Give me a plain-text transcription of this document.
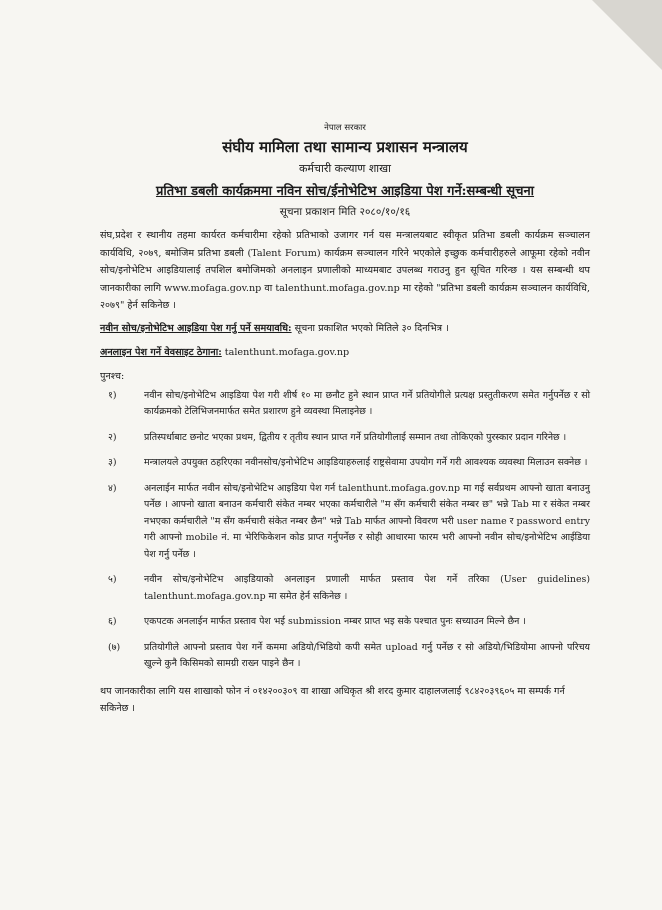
नेपाल सरकार
संघीय मामिला तथा सामान्य प्रशासन मन्त्रालय
कर्मचारी कल्याण शाखा
प्रतिभा डबली कार्यक्रममा नविन सोच/ईनोभेटिभ आइडिया पेश गर्ने:सम्बन्धी सूचना
सूचना प्रकाशन मिति २०८०/१०/१६

संघ,प्रदेश र स्थानीय तहमा कार्यरत कर्मचारीमा रहेको प्रतिभाको उजागर गर्न यस मन्त्रालयबाट स्वीकृत प्रतिभा डबली कार्यक्रम सञ्चालन कार्यविधि, २०७९, बमोजिम प्रतिभा डबली (Talent Forum) कार्यक्रम सञ्चालन गरिने भएकोले इच्छुक कर्मचारीहरुले आफूमा रहेको नवीन सोच/इनोभेटिभ आइडियालाई तपशिल बमोजिमको अनलाइन प्रणालीको माध्यमबाट उपलब्ध गराउनु हुन सूचित गरिन्छ । यस सम्बन्धी थप जानकारीका लागि www.mofaga.gov.np वा talenthunt.mofaga.gov.np मा रहेको "प्रतिभा डबली कार्यक्रम सञ्चालन कार्यविधि, २०७९" हेर्न सकिनेछ ।

नवीन सोच/इनोभेटिभ आइडिया पेश गर्नु पर्ने समयावधि: सूचना प्रकाशित भएको मितिले ३० दिनभित्र ।

अनलाइन पेश गर्ने वेवसाइट ठेगाना: talenthunt.mofaga.gov.np

पुनश्च:
१)	नवीन सोच/इनोभेटिभ आइडिया पेश गरी शीर्ष १० मा छनौट हुने स्थान प्राप्त गर्ने प्रतियोगीले प्रत्यक्ष प्रस्तुतीकरण समेत गर्नुपर्नेछ र सो कार्यक्रमको टेलिभिजनमार्फत समेत प्रशारण हुने व्यवस्था मिलाइनेछ ।
२)	प्रतिस्पर्धाबाट छनोट भएका प्रथम, द्वितीय र तृतीय स्थान प्राप्त गर्ने प्रतियोगीलाई सम्मान तथा तोकिएको पुरस्कार प्रदान गरिनेछ ।
३)	मन्त्रालयले उपयुक्त ठहरिएका नवीनसोच/इनोभेटिभ आइडियाहरुलाई राष्ट्रसेवामा उपयोग गर्ने गरी आवश्यक व्यवस्था मिलाउन सक्नेछ ।
४)	अनलाईन मार्फत नवीन सोच/इनोभेटिभ आइडिया पेश गर्न talenthunt.mofaga.gov.np मा गई सर्वप्रथम आफ्नो खाता बनाउनु पर्नेछ । आफ्नो खाता बनाउन कर्मचारी संकेत नम्बर भएका कर्मचारीले "म सँग कर्मचारी संकेत नम्बर छ" भन्ने Tab मा र संकेत नम्बर नभएका कर्मचारीले "म सँग कर्मचारी संकेत नम्बर छैन" भन्ने Tab मार्फत आफ्नो विवरण भरी user name र password entry गरी आफ्नो mobile नं. मा भेरिफिकेशन कोड प्राप्त गर्नुपर्नेछ र सोही आधारमा फारम भरी आफ्नो नवीन सोच/इनोभेटिभ आईडिया पेश गर्नु पर्नेछ ।
५)	नवीन सोच/इनोभेटिभ आइडियाको अनलाइन प्रणाली मार्फत प्रस्ताव पेश गर्ने तरिका (User guidelines) talenthunt.mofaga.gov.np मा समेत हेर्न सकिनेछ ।
६)	एकपटक अनलाईन मार्फत प्रस्ताव पेश भई submission नम्बर प्राप्त भइ सके पश्चात पुनः सच्याउन मिल्ने छैन ।
(७)	प्रतियोगीले आफ्नो प्रस्ताव पेश गर्ने कममा अडियो/भिडियो कपी समेत upload गर्नु पर्नेछ र सो अडियो/भिडियोमा आफ्नो परिचय खुल्ने कुनै किसिमको सामग्री राख्न पाइने छैन ।

थप जानकारीका लागि यस शाखाको फोन नं ०१४२००३०९ वा शाखा अधिकृत श्री शरद कुमार दाहालजलाई ९८४२०३९६०५ मा सम्पर्क गर्न सकिनेछ ।
